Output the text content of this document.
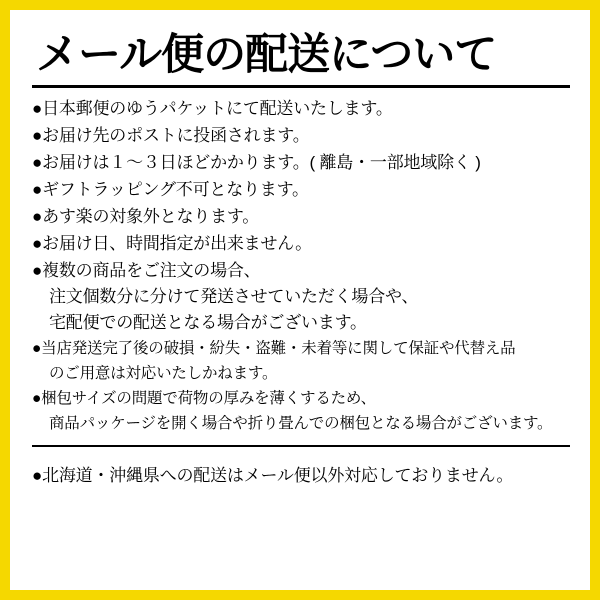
メール便の配送について
●日本郵便のゆうパケットにて配送いたします。
●お届け先のポストに投函されます。
●お届けは１～３日ほどかかります。( 離島・一部地域除く )
●ギフトラッピング不可となります。
●あす楽の対象外となります。
●お届け日、時間指定が出来ません。
●複数の商品をご注文の場合、
注文個数分に分けて発送させていただく場合や、
宅配便での配送となる場合がございます。
●当店発送完了後の破損・紛失・盗難・未着等に関して保証や代替え品
のご用意は対応いたしかねます。
●梱包サイズの問題で荷物の厚みを薄くするため、
商品パッケージを開く場合や折り畳んでの梱包となる場合がございます。
●北海道・沖縄県への配送はメール便以外対応しておりません。
